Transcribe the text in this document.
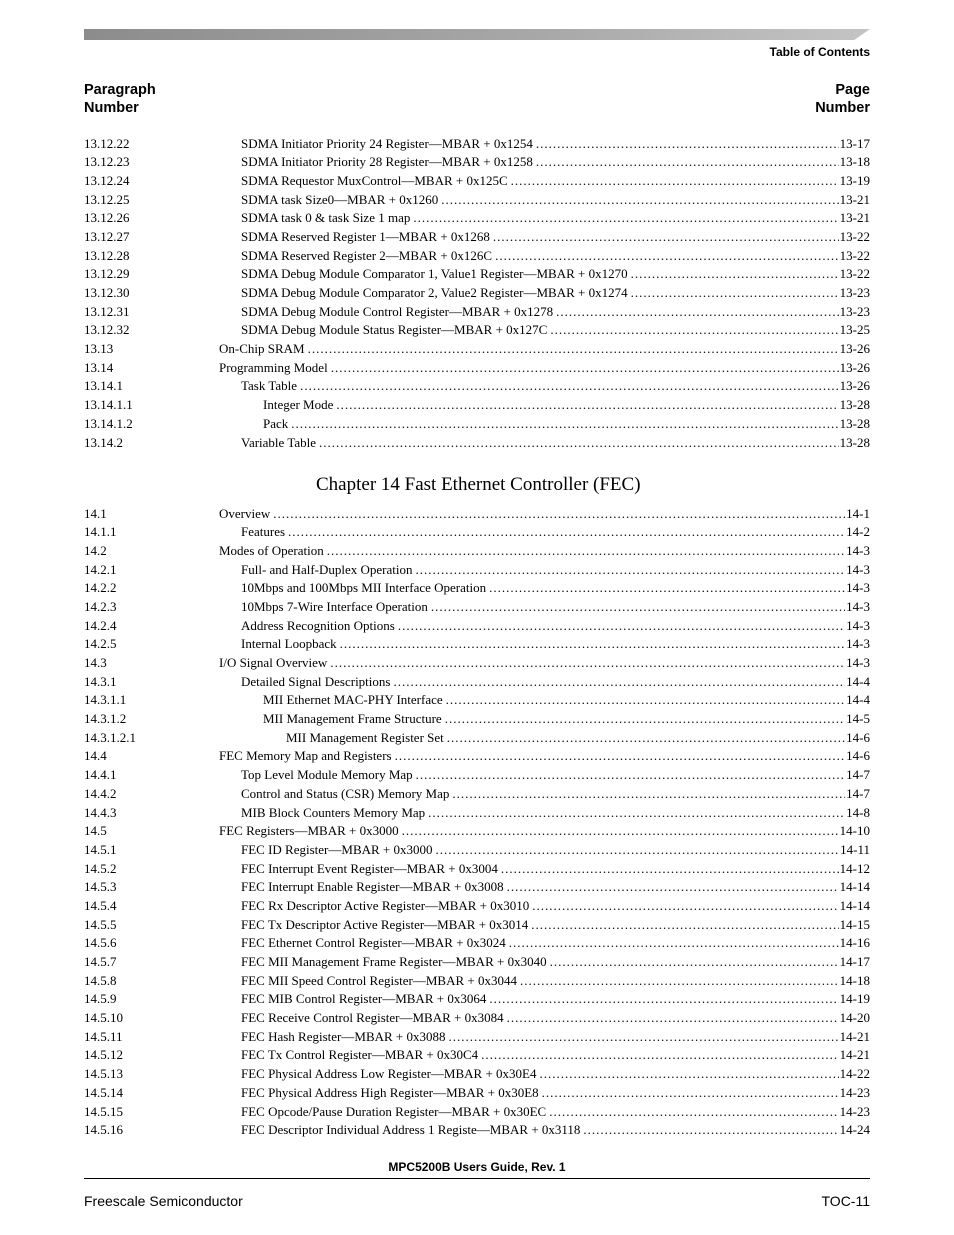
Table of Contents
Paragraph
Number
Page
Number
13.12.22	SDMA Initiator Priority 24 Register—MBAR + 0x1254 .....	13-17
13.12.23	SDMA Initiator Priority 28 Register—MBAR + 0x1258 .....	13-18
13.12.24	SDMA Requestor MuxControl—MBAR + 0x125C .....	13-19
13.12.25	SDMA task Size0—MBAR + 0x1260 .....	13-21
13.12.26	SDMA task 0 & task Size 1 map .....	13-21
13.12.27	SDMA Reserved Register 1—MBAR + 0x1268 .....	13-22
13.12.28	SDMA Reserved Register 2—MBAR + 0x126C .....	13-22
13.12.29	SDMA Debug Module Comparator 1, Value1 Register—MBAR + 0x1270 .....	13-22
13.12.30	SDMA Debug Module Comparator 2, Value2 Register—MBAR + 0x1274 .....	13-23
13.12.31	SDMA Debug Module Control Register—MBAR + 0x1278 .....	13-23
13.12.32	SDMA Debug Module Status Register—MBAR + 0x127C .....	13-25
13.13	On-Chip SRAM .....	13-26
13.14	Programming Model .....	13-26
13.14.1	Task Table .....	13-26
13.14.1.1	Integer Mode .....	13-28
13.14.1.2	Pack .....	13-28
13.14.2	Variable Table .....	13-28
Chapter 14 Fast Ethernet Controller (FEC)
14.1	Overview .....	14-1
14.1.1	Features .....	14-2
14.2	Modes of Operation .....	14-3
14.2.1	Full- and Half-Duplex Operation .....	14-3
14.2.2	10Mbps and 100Mbps MII Interface Operation .....	14-3
14.2.3	10Mbps 7-Wire Interface Operation .....	14-3
14.2.4	Address Recognition Options .....	14-3
14.2.5	Internal Loopback .....	14-3
14.3	I/O Signal Overview .....	14-3
14.3.1	Detailed Signal Descriptions .....	14-4
14.3.1.1	MII Ethernet MAC-PHY Interface .....	14-4
14.3.1.2	MII Management Frame Structure .....	14-5
14.3.1.2.1	MII Management Register Set .....	14-6
14.4	FEC Memory Map and Registers .....	14-6
14.4.1	Top Level Module Memory Map .....	14-7
14.4.2	Control and Status (CSR) Memory Map .....	14-7
14.4.3	MIB Block Counters Memory Map .....	14-8
14.5	FEC Registers—MBAR + 0x3000 .....	14-10
14.5.1	FEC ID Register—MBAR + 0x3000 .....	14-11
14.5.2	FEC Interrupt Event Register—MBAR + 0x3004 .....	14-12
14.5.3	FEC Interrupt Enable Register—MBAR + 0x3008 .....	14-14
14.5.4	FEC Rx Descriptor Active Register—MBAR + 0x3010 .....	14-14
14.5.5	FEC Tx Descriptor Active Register—MBAR + 0x3014 .....	14-15
14.5.6	FEC Ethernet Control Register—MBAR + 0x3024 .....	14-16
14.5.7	FEC MII Management Frame Register—MBAR + 0x3040 .....	14-17
14.5.8	FEC MII Speed Control Register—MBAR + 0x3044 .....	14-18
14.5.9	FEC MIB Control Register—MBAR + 0x3064 .....	14-19
14.5.10	FEC Receive Control Register—MBAR + 0x3084 .....	14-20
14.5.11	FEC Hash Register—MBAR + 0x3088 .....	14-21
14.5.12	FEC Tx Control Register—MBAR + 0x30C4 .....	14-21
14.5.13	FEC Physical Address Low Register—MBAR + 0x30E4 .....	14-22
14.5.14	FEC Physical Address High Register—MBAR + 0x30E8 .....	14-23
14.5.15	FEC Opcode/Pause Duration Register—MBAR + 0x30EC .....	14-23
14.5.16	FEC Descriptor Individual Address 1 Registe—MBAR + 0x3118 .....	14-24
MPC5200B Users Guide, Rev. 1
Freescale Semiconductor	TOC-11
